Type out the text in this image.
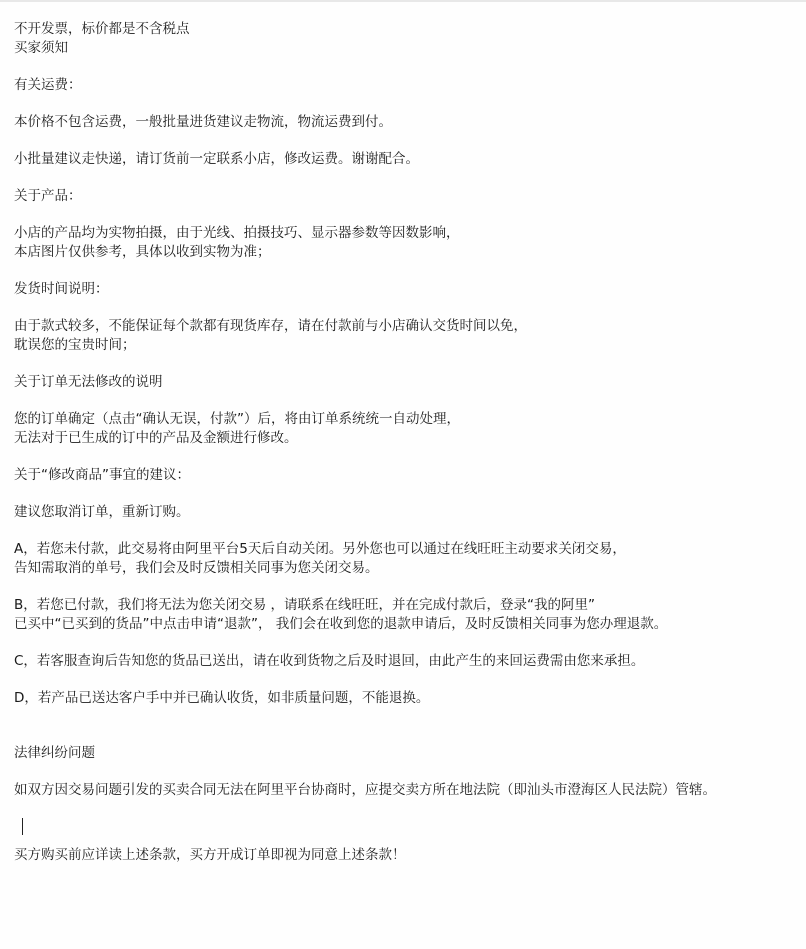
不开发票，标价都是不含税点
买家须知
有关运费：
本价格不包含运费，一般批量进货建议走物流，物流运费到付。
小批量建议走快递，请订货前一定联系小店，修改运费。谢谢配合。
关于产品：
小店的产品均为实物拍摄，由于光线、拍摄技巧、显示器参数等因数影响，
本店图片仅供参考，具体以收到实物为准；
发货时间说明：
由于款式较多，不能保证每个款都有现货库存，请在付款前与小店确认交货时间以免，
耽误您的宝贵时间；
关于订单无法修改的说明
您的订单确定（点击“确认无误，付款”）后，将由订单系统统一自动处理，
无法对于已生成的订中的产品及金额进行修改。
关于“修改商品”事宜的建议：
建议您取消订单，重新订购。
A，若您未付款，此交易将由阿里平台5天后自动关闭。另外您也可以通过在线旺旺主动要求关闭交易，
告知需取消的单号，我们会及时反馈相关同事为您关闭交易。
B，若您已付款，我们将无法为您关闭交易 ，请联系在线旺旺，并在完成付款后，登录“我的阿里”
已买中“已买到的货品”中点击申请“退款”， 我们会在收到您的退款申请后，及时反馈相关同事为您办理退款。
C，若客服查询后告知您的货品已送出，请在收到货物之后及时退回，由此产生的来回运费需由您来承担。
D，若产品已送达客户手中并已确认收货，如非质量问题，不能退换。
法律纠纷问题
如双方因交易问题引发的买卖合同无法在阿里平台协商时，应提交卖方所在地法院（即汕头市澄海区人民法院）管辖。
买方购买前应详读上述条款，买方开成订单即视为同意上述条款！
